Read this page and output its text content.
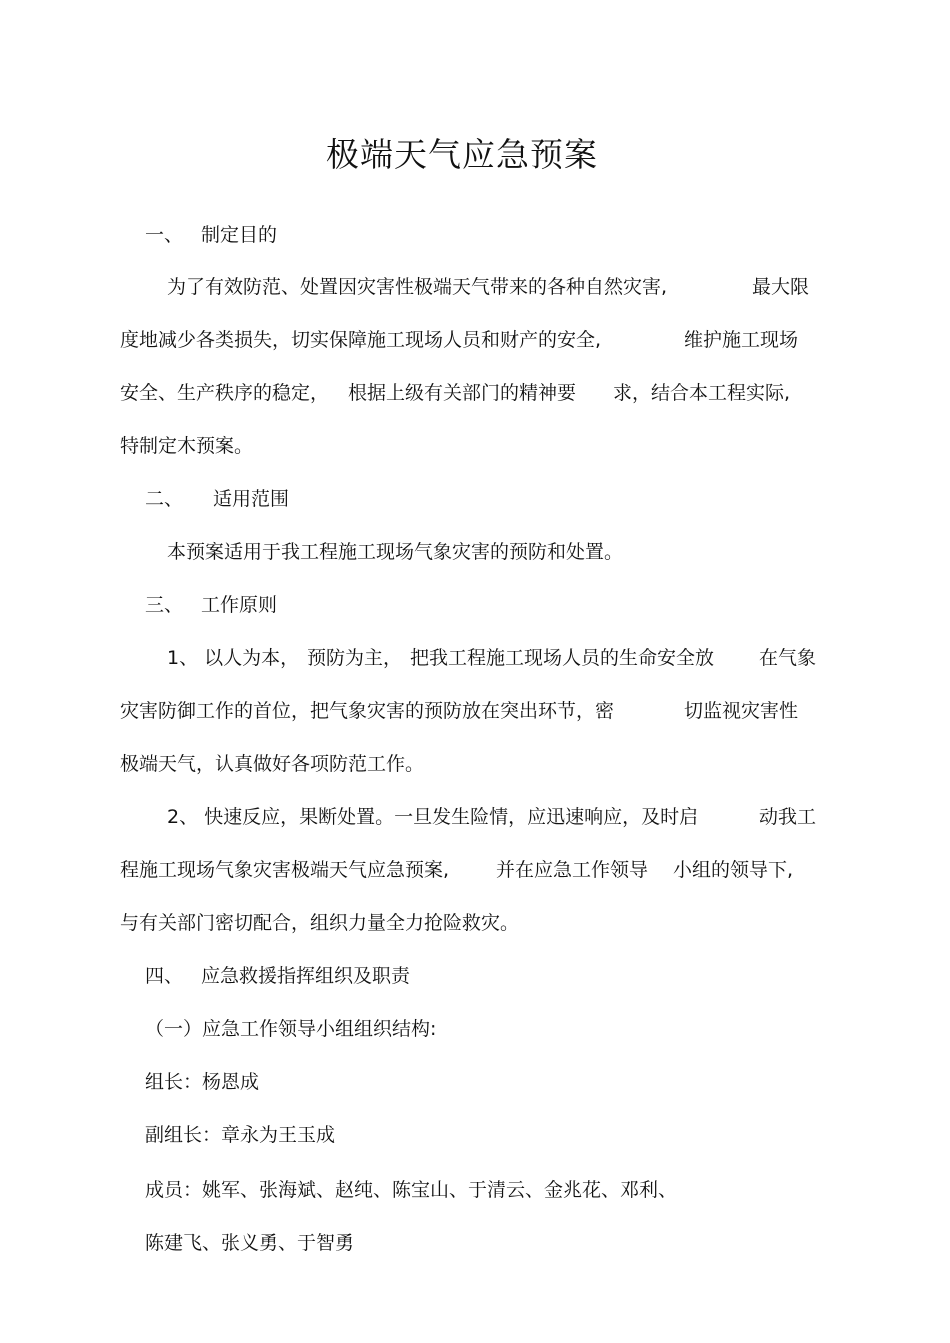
极端天气应急预案
一、 制定目的
为了有效防范、处置因灾害性极端天气带来的各种自然灾害,	最大限
度地减少各类损失，切实保障施工现场人员和财产的安全,	维护施工现场
安全、生产秩序的稳定， 根据上级有关部门的精神要 求，结合本工程实际,
特制定木预案。
二、 适用范围
本预案适用于我工程施工现场气象灾害的预防和处置。
三、 工作原则
1、 以人为本， 预防为主， 把我工程施工现场人员的生命安全放 在气象
灾害防御工作的首位，把气象灾害的预防放在突出环节，密	切监视灾害性
极端天气，认真做好各项防范工作。
2、 快速反应，果断处置。一旦发生险情，应迅速响应，及时启	动我工
程施工现场气象灾害极端天气应急预案, 并在应急工作领导 小组的领导下,
与有关部门密切配合，组织力量全力抢险救灾。
四、 应急救援指挥组织及职责
（一）应急工作领导小组组织结构:
组长：杨恩成
副组长：章永为王玉成
成员：姚军、张海斌、赵纯、陈宝山、于清云、金兆花、邓利、
陈建飞、张义勇、于智勇
